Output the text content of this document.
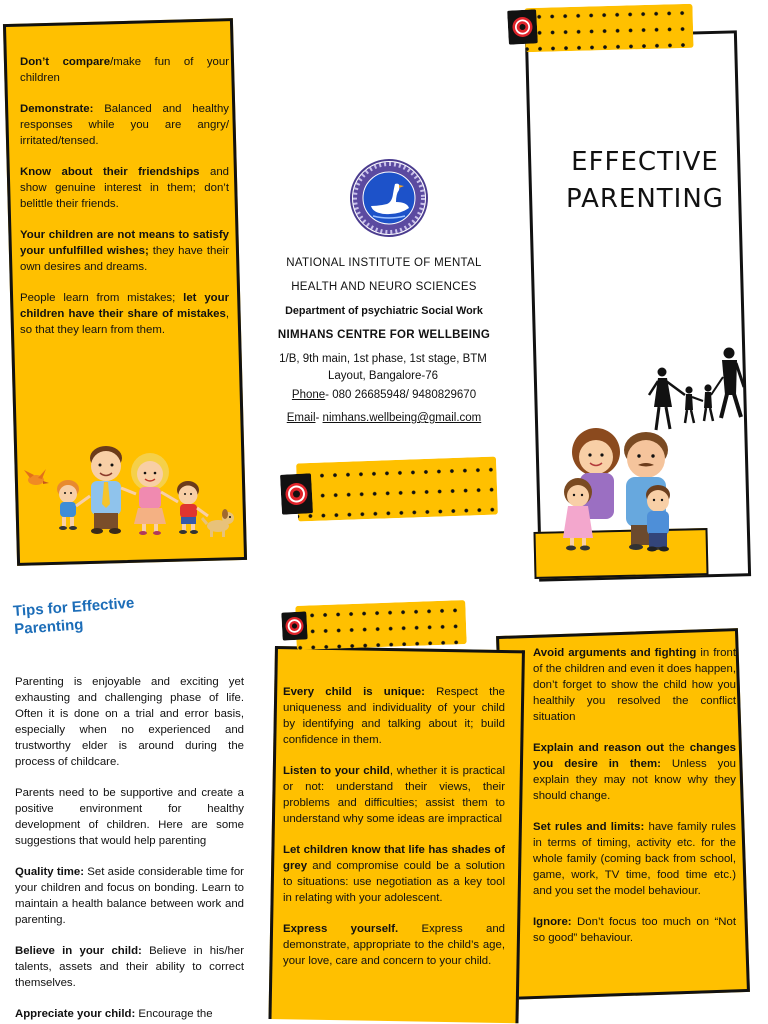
Don’t compare/make fun of your children

Demonstrate: Balanced and healthy responses while you are angry/ irritated/tensed.

Know about their friendships and show genuine interest in them; don’t belittle their friends.

Your children are not means to satisfy your unfulfilled wishes; they have their own desires and dreams.

People learn from mistakes; let your children have their share of mistakes, so that they learn from them.

NATIONAL INSTITUTE OF MENTAL
HEALTH AND NEURO SCIENCES
Department of psychiatric Social Work
NIMHANS CENTRE FOR WELLBEING
1/B, 9th main, 1st phase, 1st stage, BTM Layout, Bangalore-76
Phone- 080 26685948/ 9480829670
Email- nimhans.wellbeing@gmail.com
EFFECTIVE
PARENTING
Tips for Effective
Parenting

Parenting is enjoyable and exciting yet exhausting and challenging phase of life. Often it is done on a trial and error basis, especially when no experienced and trustworthy elder is around during the process of childcare.

Parents need to be supportive and create a positive environment for healthy development of children. Here are some suggestions that would help parenting

Quality time: Set aside considerable time for your children and focus on bonding. Learn to maintain a health balance between work and parenting.

Believe in your child: Believe in his/her talents, assets and their ability to correct themselves.

Appreciate your child: Encourage the

Every child is unique: Respect the uniqueness and individuality of your child by identifying and talking about it; build confidence in them.

Listen to your child, whether it is practical or not: understand their views, their problems and difficulties; assist them to understand why some ideas are impractical

Let children know that life has shades of grey and compromise could be a solution to situations: use negotiation as a key tool in relating with your adolescent.

Express yourself. Express and demonstrate, appropriate to the child’s age, your love, care and concern to your child.

Avoid arguments and fighting in front of the children and even it does happen, don’t forget to show the child how you healthily you resolved the conflict situation

Explain and reason out the changes you desire in them: Unless you explain they may not know why they should change.

Set rules and limits: have family rules in terms of timing, activity etc. for the whole family (coming back from school, game, work, TV time, food time etc.) and you set the model behaviour.

Ignore: Don’t focus too much on “Not so good” behaviour.
